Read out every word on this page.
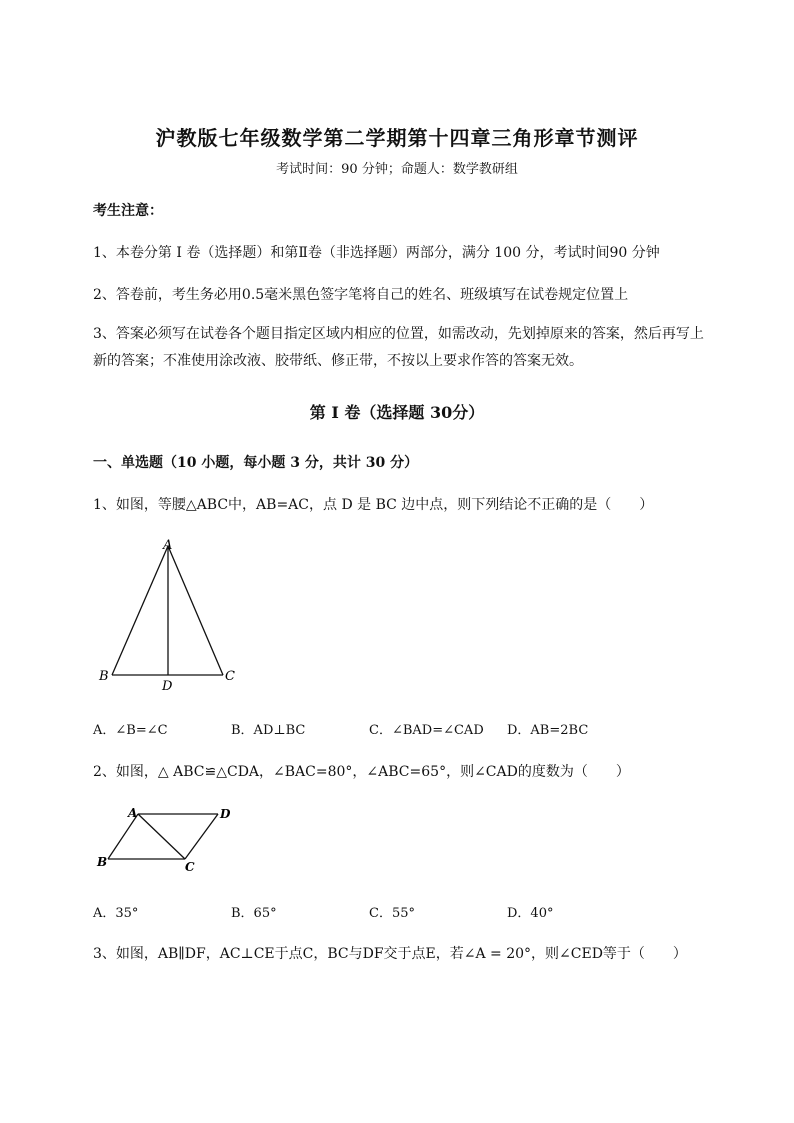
沪教版七年级数学第二学期第十四章三角形章节测评
考试时间：90 分钟；命题人：数学教研组
考生注意：
1、本卷分第 I 卷（选择题）和第Ⅱ卷（非选择题）两部分，满分 100 分，考试时间90 分钟
2、答卷前，考生务必用0.5毫米黑色签字笔将自己的姓名、班级填写在试卷规定位置上
3、答案必须写在试卷各个题目指定区域内相应的位置，如需改动，先划掉原来的答案，然后再写上新的答案；不准使用涂改液、胶带纸、修正带，不按以上要求作答的答案无效。
第 I 卷（选择题 30分）
一、单选题（10 小题，每小题 3 分，共计 30 分）
1、如图，等腰△ABC中，AB=AC，点 D 是 BC 边中点，则下列结论不正确的是（　　）
A
B	C
D
A．∠B=∠C	B．AD⊥BC	C．∠BAD=∠CAD D．AB=2BC
2、如图，△ ABC≌△CDA，∠BAC=80°，∠ABC=65°，则∠CAD的度数为（　　）
A	D
B	C
A．35°	B．65°	C．55°	D．40°
3、如图，AB∥DF，AC⊥CE于点C，BC与DF交于点E，若∠A = 20°，则∠CED等于（　　）
